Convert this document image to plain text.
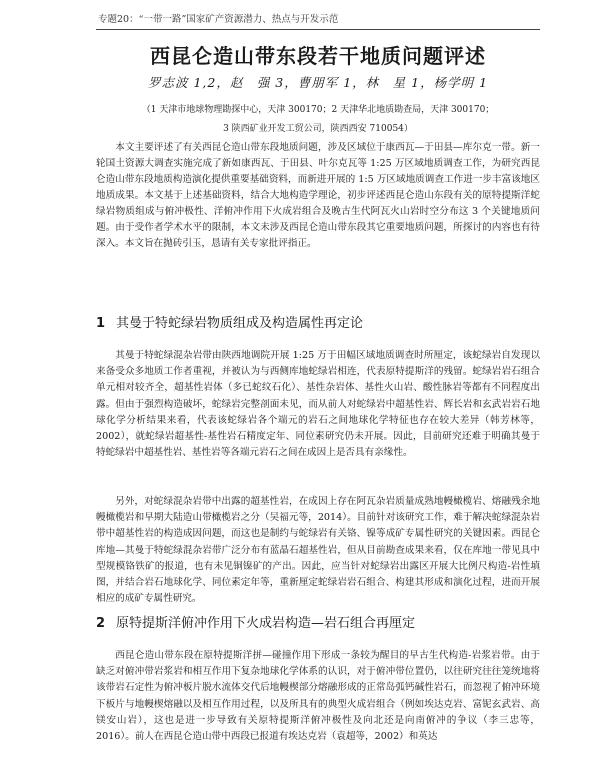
专题20：“一带一路”国家矿产资源潜力、热点与开发示范
西昆仑造山带东段若干地质问题评述
罗志波 1,2，赵　强 3，曹朋军 1，林　星 1，杨学明 1
（1 天津市地球物理勘探中心，天津 300170；2 天津华北地质勘查局，天津 300170；
3 陕西矿业开发工贸公司，陕西西安 710054）

本文主要评述了有关西昆仑造山带东段地质问题，涉及区域位于康西瓦—于田县—库尔克一带。新一轮国土资源大调查实施完成了新如康西瓦、于田县、叶尔克瓦等 1:25 万区域地质调查工作，为研究西昆仑造山带东段地质构造演化提供重要基础资料，而新进开展的 1:5 万区域地质调查工作进一步丰富该地区地质成果。本文基于上述基础资料，结合大地构造学理论，初步评述西昆仑造山东段有关的原特提斯洋蛇绿岩物质组成与俯冲极性、洋俯冲作用下火成岩组合及晚古生代阿瓦火山岩时空分布这 3 个关键地质问题。由于受作者学术水平的限制，本文未涉及西昆仑造山带东段其它重要地质问题，所探讨的内容也有待深入。本文旨在抛砖引玉，恳请有关专家批评指正。

1 其曼于特蛇绿岩物质组成及构造属性再定论

其曼于特蛇绿混杂岩带由陕西地调院开展 1:25 万于田幅区域地质调查时所厘定，该蛇绿岩自发现以来备受众多地质工作者重视，并被认为与西侧库地蛇绿岩相连，代表原特提斯洋的残留。蛇绿岩岩石组合单元相对较齐全，超基性岩体（多已蛇纹石化）、基性杂岩体、基性火山岩、酸性脉岩等都有不同程度出露。但由于强烈构造破坏，蛇绿岩完整剖面未见，而从前人对蛇绿岩中超基性岩、辉长岩和玄武岩岩石地球化学分析结果来看，代表该蛇绿岩各个端元的岩石之间地球化学特征也存在较大差异（韩芳林等，2002），就蛇绿岩超基性-基性岩石精度定年、同位素研究仍未开展。因此，目前研究还难于明确其曼于特蛇绿岩中超基性岩、基性岩等各端元岩石之间在成因上是否具有亲缘性。

另外，对蛇绿混杂岩带中出露的超基性岩，在成因上存在阿瓦杂岩质量成熟地幔橄榄岩、熔融残余地幔橄榄岩和早期大陆造山带橄榄岩之分（吴福元等，2014）。目前针对该研究工作，难于解决蛇绿混杂岩带中超基性岩的构造成因问题，而这也是制约与蛇绿岩有关铬、镍等成矿专属性研究的关键因素。西昆仑库地—其曼于特蛇绿混杂岩带广泛分布有蓝晶石超基性岩，但从目前勘查成果来看，仅在库地一带见具中型规模铬铁矿的报道，也有未见铜镍矿的产出。因此，应当针对蛇绿岩出露区开展大比例尺构造-岩性填图，并结合岩石地球化学、同位素定年等，重新厘定蛇绿岩岩石组合、构建其形成和演化过程，进而开展相应的成矿专属性研究。

2 原特提斯洋俯冲作用下火成岩构造—岩石组合再厘定

西昆仑造山带东段在原特提斯洋拼—碰撞作用下形成一条较为醒目的早古生代构造-岩浆岩带。由于缺乏对俯冲带岩浆岩和相互作用下复杂地球化学体系的认识，对于俯冲带位置仍，以往研究往往笼统地将该带岩石定性为俯冲板片脱水流体交代后地幔楔部分熔融形成的正常岛弧钙碱性岩石，而忽视了俯冲环境下板片与地幔楔熔融以及相互作用过程，以及所具有的典型火成岩组合（例如埃达克岩、富铌玄武岩、高镁安山岩），这也是进一步导致有关原特提斯洋俯冲极性及向北还是向南俯冲的争议（李三忠等，2016）。前人在西昆仑造山带中西段已报道有埃达克岩（袁超等，2002）和英达
